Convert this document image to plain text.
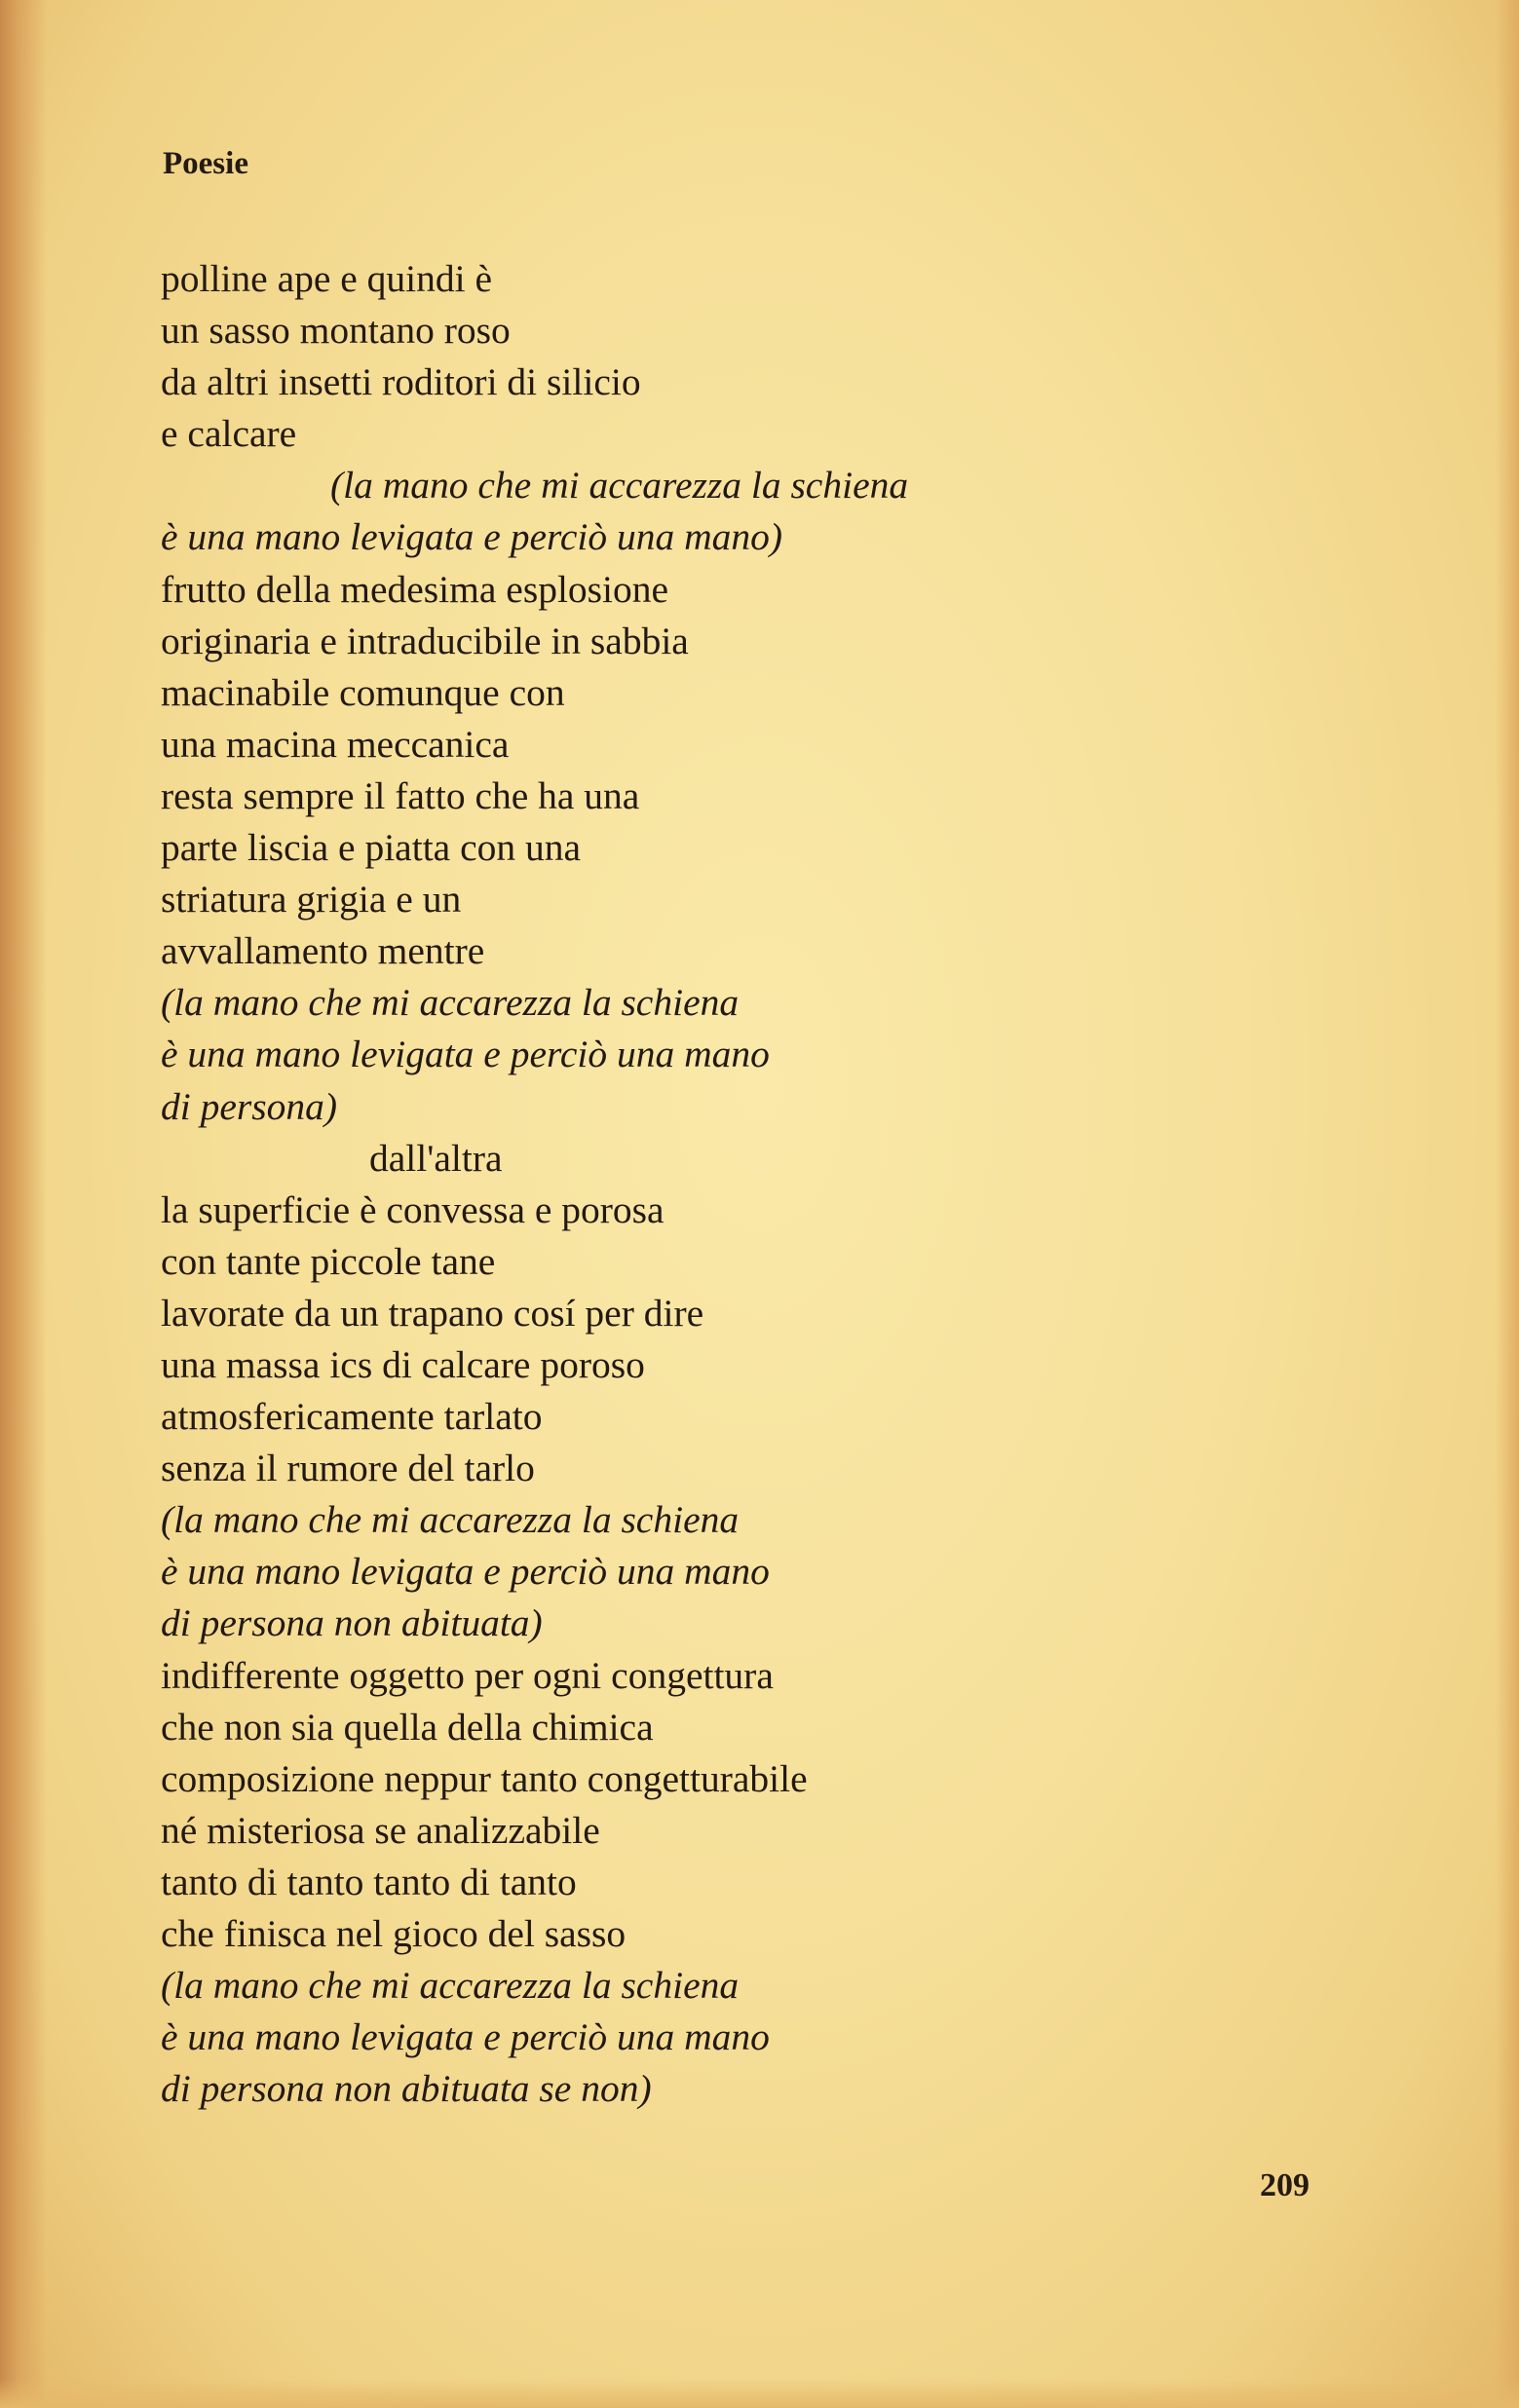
Poesie
polline ape e quindi è
un sasso montano roso
da altri insetti roditori di silicio
e calcare
(la mano che mi accarezza la schiena
è una mano levigata e perciò una mano)
frutto della medesima esplosione
originaria e intraducibile in sabbia
macinabile comunque con
una macina meccanica
resta sempre il fatto che ha una
parte liscia e piatta con una
striatura grigia e un
avvallamento mentre
(la mano che mi accarezza la schiena
è una mano levigata e perciò una mano
di persona)
dall'altra
la superficie è convessa e porosa
con tante piccole tane
lavorate da un trapano cosí per dire
una massa ics di calcare poroso
atmosfericamente tarlato
senza il rumore del tarlo
(la mano che mi accarezza la schiena
è una mano levigata e perciò una mano
di persona non abituata)
indifferente oggetto per ogni congettura
che non sia quella della chimica
composizione neppur tanto congetturabile
né misteriosa se analizzabile
tanto di tanto tanto di tanto
che finisca nel gioco del sasso
(la mano che mi accarezza la schiena
è una mano levigata e perciò una mano
di persona non abituata se non)
209
